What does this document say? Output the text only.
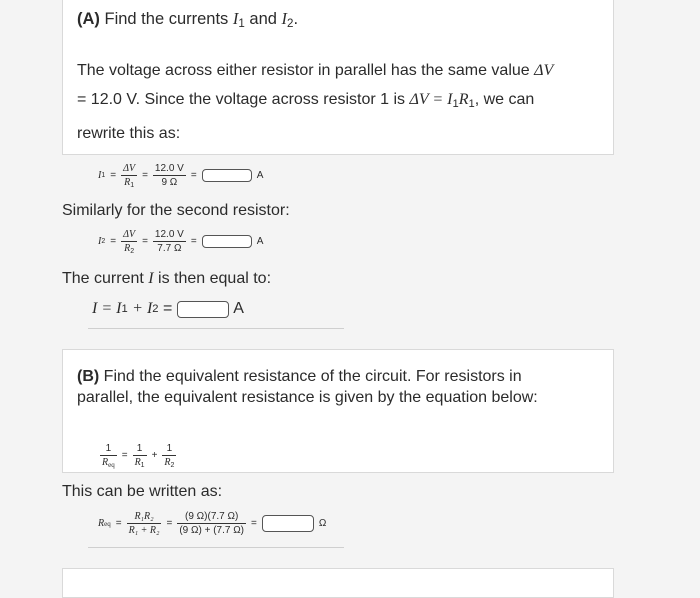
(A) Find the currents $I_1$ and $I_2$.
The voltage across either resistor in parallel has the same value ΔV
= 12.0 V. Since the voltage across resistor 1 is $\Delta V = I_1R_1$, we can
rewrite this as:
I $1 = \frac{\Delta V}{R_1} = \frac{12.0 V}{9 \Omega}$ =	A
Similarly for the second resistor:
I $2 = \frac{\Delta V}{R_2} = \frac{12.0 V}{7.7 \Omega}$ =	A
The current I is then equal to:
I = I 1
+ I 2
=

	A
(B) Find the equivalent resistance of the circuit. For resistors in
parallel, the equivalent resistance is given by the equation below:
$\frac{1}{R_{eq}} = \frac{1}{R_1} + \frac{1}{R_2}$
This can be written as:
R eq = $\frac{\text{R₁R₂}}{\text{R₁ + R₂}} = \frac{(9 \Omega)(7.7 \Omega)}{(9 \Omega) + (7.7 \Omega)}$ =	Ω
